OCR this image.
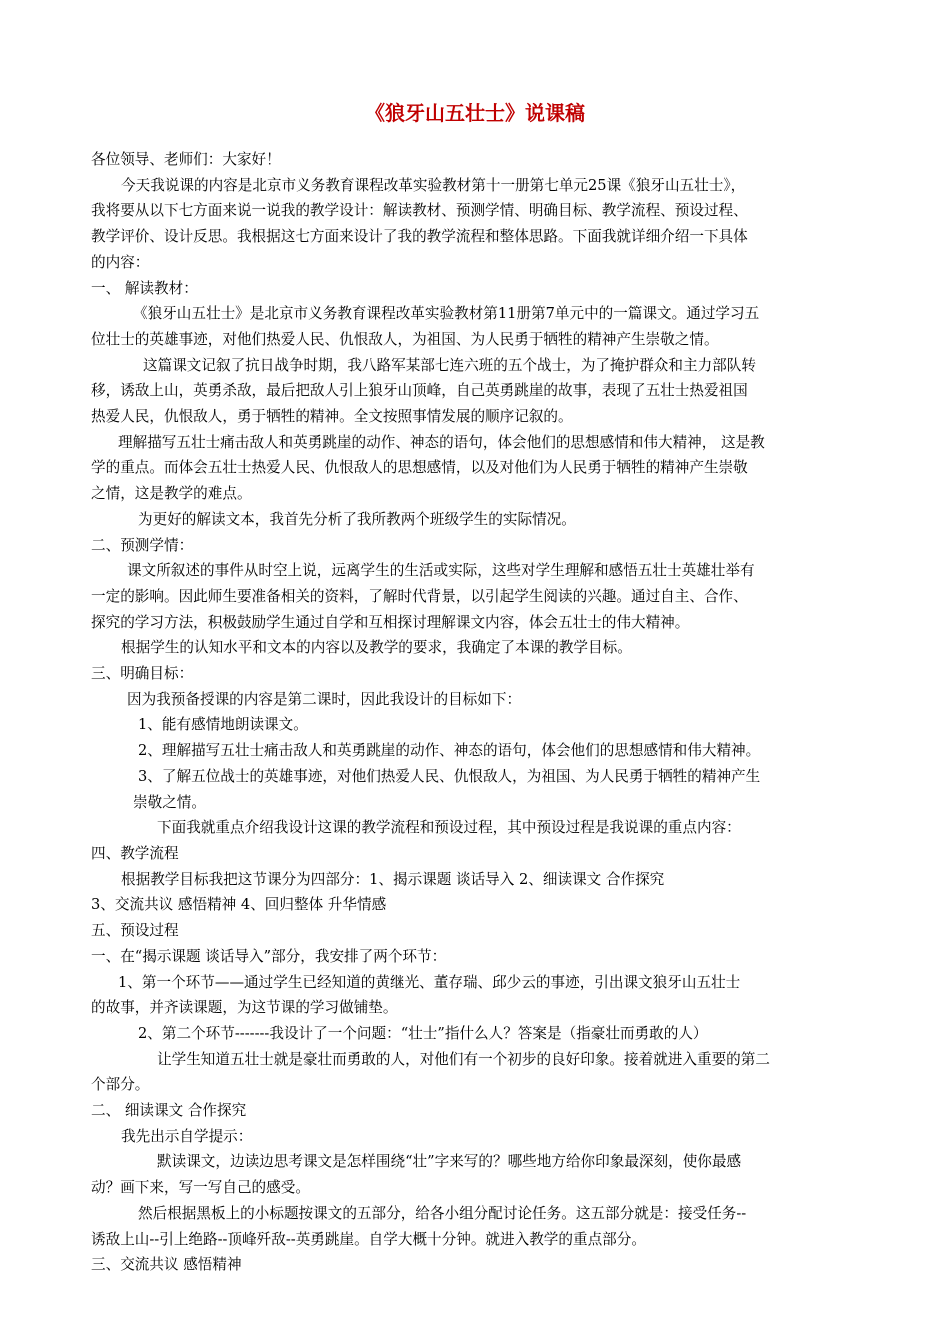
《狼牙山五壮士》说课稿

各位领导、老师们：大家好！

今天我说课的内容是北京市义务教育课程改革实验教材第十一册第七单元25课《狼牙山五壮士》，

我将要从以下七方面来说一说我的教学设计：解读教材、预测学情、明确目标、教学流程、预设过程、

教学评价、设计反思。我根据这七方面来设计了我的教学流程和整体思路。下面我就详细介绍一下具体

的内容：

一、 解读教材：

《狼牙山五壮士》是北京市义务教育课程改革实验教材第11册第7单元中的一篇课文。通过学习五

位壮士的英雄事迹，对他们热爱人民、仇恨敌人，为祖国、为人民勇于牺牲的精神产生崇敬之情。

这篇课文记叙了抗日战争时期，我八路军某部七连六班的五个战士，为了掩护群众和主力部队转

移，诱敌上山，英勇杀敌，最后把敌人引上狼牙山顶峰，自己英勇跳崖的故事，表现了五壮士热爱祖国

热爱人民，仇恨敌人，勇于牺牲的精神。全文按照事情发展的顺序记叙的。

理解描写五壮士痛击敌人和英勇跳崖的动作、神态的语句，体会他们的思想感情和伟大精神， 这是教

学的重点。而体会五壮士热爱人民、仇恨敌人的思想感情，以及对他们为人民勇于牺牲的精神产生崇敬

之情，这是教学的难点。

为更好的解读文本，我首先分析了我所教两个班级学生的实际情况。

二、预测学情：

课文所叙述的事件从时空上说，远离学生的生活或实际，这些对学生理解和感悟五壮士英雄壮举有

一定的影响。因此师生要准备相关的资料，了解时代背景，以引起学生阅读的兴趣。通过自主、合作、

探究的学习方法，积极鼓励学生通过自学和互相探讨理解课文内容，体会五壮士的伟大精神。

根据学生的认知水平和文本的内容以及教学的要求，我确定了本课的教学目标。

三、明确目标：

因为我预备授课的内容是第二课时，因此我设计的目标如下：

1、能有感情地朗读课文。

2、理解描写五壮士痛击敌人和英勇跳崖的动作、神态的语句，体会他们的思想感情和伟大精神。

3、了解五位战士的英雄事迹，对他们热爱人民、仇恨敌人，为祖国、为人民勇于牺牲的精神产生

崇敬之情。

下面我就重点介绍我设计这课的教学流程和预设过程，其中预设过程是我说课的重点内容：

四、教学流程

根据教学目标我把这节课分为四部分：1、揭示课题 谈话导入 2、细读课文 合作探究

3、交流共议 感悟精神 4、回归整体 升华情感

五、预设过程

一、在“揭示课题 谈话导入”部分，我安排了两个环节：

1、第一个环节——通过学生已经知道的黄继光、董存瑞、邱少云的事迹，引出课文狼牙山五壮士

的故事，并齐读课题，为这节课的学习做铺垫。

2、第二个环节-------我设计了一个问题：“壮士”指什么人？答案是（指豪壮而勇敢的人）

让学生知道五壮士就是豪壮而勇敢的人，对他们有一个初步的良好印象。接着就进入重要的第二

个部分。

二、 细读课文 合作探究

我先出示自学提示：

默读课文，边读边思考课文是怎样围绕“壮”字来写的？哪些地方给你印象最深刻，使你最感

动？画下来，写一写自己的感受。

然后根据黑板上的小标题按课文的五部分，给各小组分配讨论任务。这五部分就是：接受任务--

诱敌上山--引上绝路--顶峰歼敌--英勇跳崖。自学大概十分钟。就进入教学的重点部分。

三、交流共议 感悟精神
